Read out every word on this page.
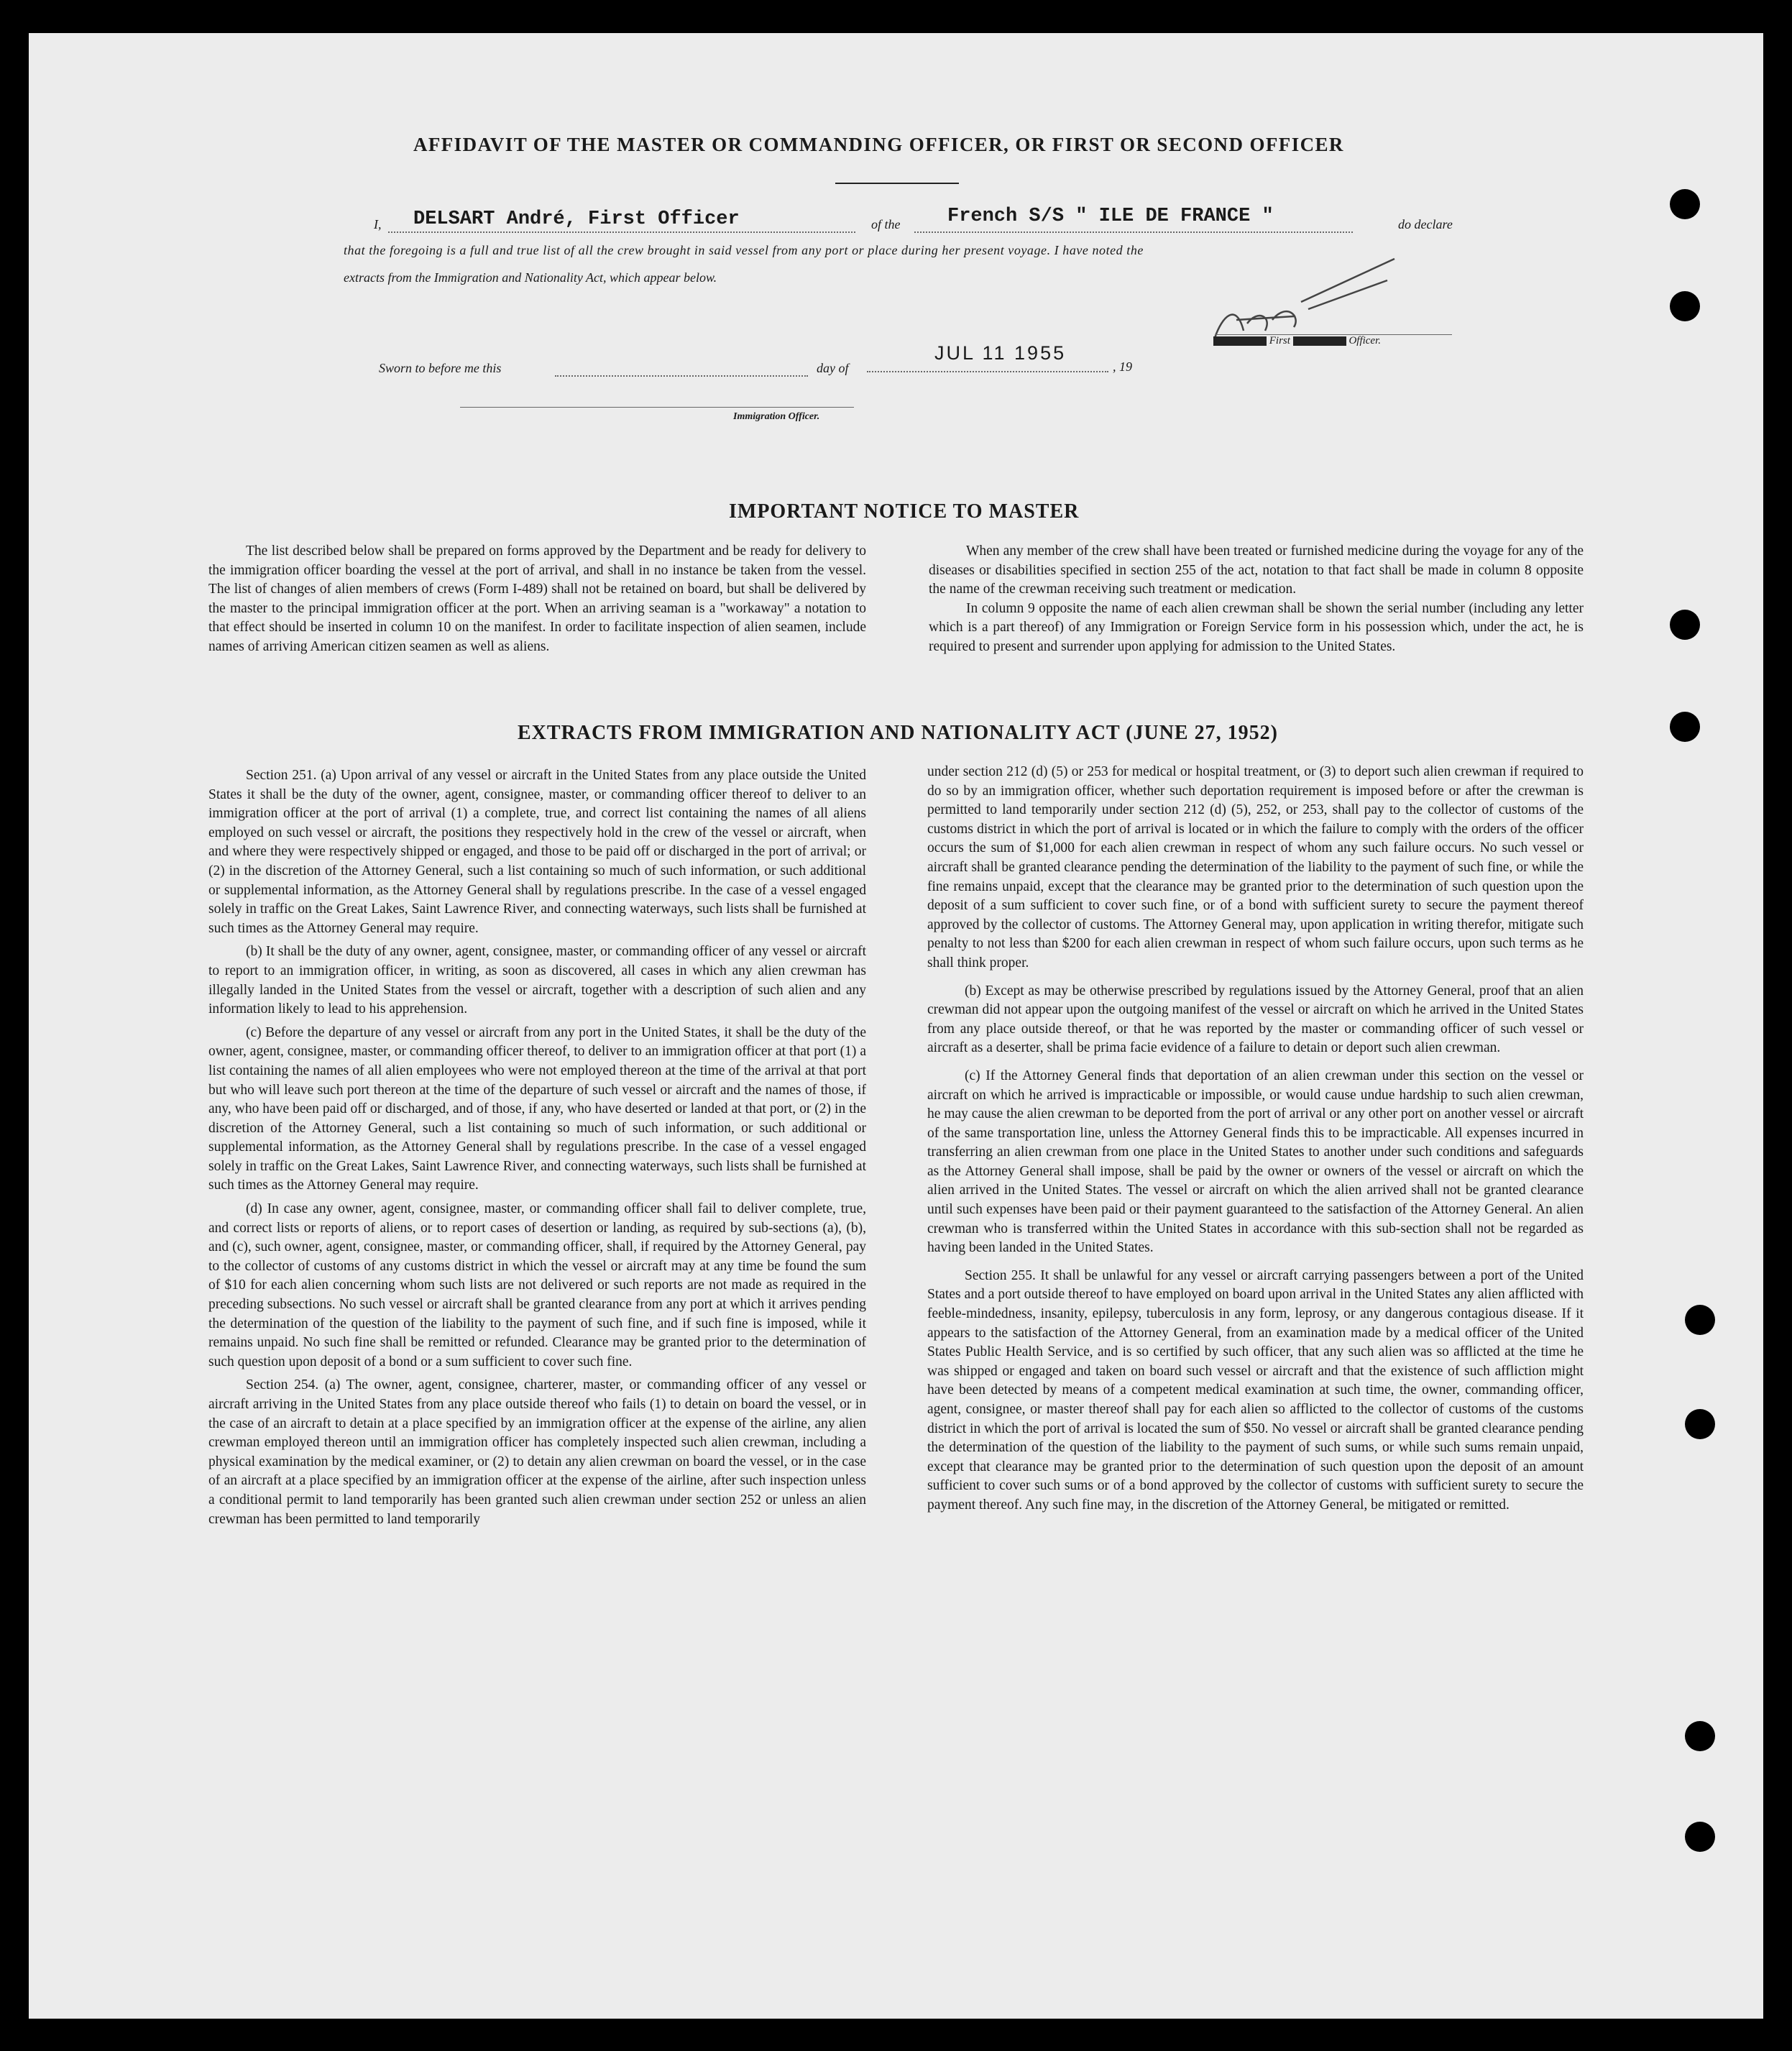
AFFIDAVIT OF THE MASTER OR COMMANDING OFFICER, OR FIRST OR SECOND OFFICER
I, DELSART André, First Officer	of the French S/S " ILE DE FRANCE "	do declare
that the foregoing is a full and true list of all the crew brought in said vessel from any port or place during her present voyage. I have noted the
extracts from the Immigration and Nationality Act, which appear below.
First	Officer.
Sworn to before me this	day of
JUL 11 1955
, 19
Immigration Officer.
IMPORTANT NOTICE TO MASTER

The list described below shall be prepared on forms approved by the Department and be ready for delivery to the immigration officer boarding the vessel at the port of arrival, and shall in no instance be taken from the vessel. The list of changes of alien members of crews (Form I-489) shall not be retained on board, but shall be delivered by the master to the principal immigration officer at the port. When an arriving seaman is a "workaway" a notation to that effect should be inserted in column 10 on the manifest. In order to facilitate inspection of alien seamen, include names of arriving American citizen seamen as well as aliens.

When any member of the crew shall have been treated or furnished medicine during the voyage for any of the diseases or disabilities specified in section 255 of the act, notation to that fact shall be made in column 8 opposite the name of the crewman receiving such treatment or medication.

In column 9 opposite the name of each alien crewman shall be shown the serial number (including any letter which is a part thereof) of any Immigration or Foreign Service form in his possession which, under the act, he is required to present and surrender upon applying for admission to the United States.

EXTRACTS FROM IMMIGRATION AND NATIONALITY ACT (JUNE 27, 1952)

Section 251. (a) Upon arrival of any vessel or aircraft in the United States from any place outside the United States it shall be the duty of the owner, agent, consignee, master, or commanding officer thereof to deliver to an immigration officer at the port of arrival (1) a complete, true, and correct list containing the names of all aliens employed on such vessel or aircraft, the positions they respectively hold in the crew of the vessel or aircraft, when and where they were respectively shipped or engaged, and those to be paid off or discharged in the port of arrival; or (2) in the discretion of the Attorney General, such a list containing so much of such information, or such additional or supplemental information, as the Attorney General shall by regulations prescribe. In the case of a vessel engaged solely in traffic on the Great Lakes, Saint Lawrence River, and connecting waterways, such lists shall be furnished at such times as the Attorney General may require.

(b) It shall be the duty of any owner, agent, consignee, master, or commanding officer of any vessel or aircraft to report to an immigration officer, in writing, as soon as discovered, all cases in which any alien crewman has illegally landed in the United States from the vessel or aircraft, together with a description of such alien and any information likely to lead to his apprehension.

(c) Before the departure of any vessel or aircraft from any port in the United States, it shall be the duty of the owner, agent, consignee, master, or commanding officer thereof, to deliver to an immigration officer at that port (1) a list containing the names of all alien employees who were not employed thereon at the time of the arrival at that port but who will leave such port thereon at the time of the departure of such vessel or aircraft and the names of those, if any, who have been paid off or discharged, and of those, if any, who have deserted or landed at that port, or (2) in the discretion of the Attorney General, such a list containing so much of such information, or such additional or supplemental information, as the Attorney General shall by regulations prescribe. In the case of a vessel engaged solely in traffic on the Great Lakes, Saint Lawrence River, and connecting waterways, such lists shall be furnished at such times as the Attorney General may require.

(d) In case any owner, agent, consignee, master, or commanding officer shall fail to deliver complete, true, and correct lists or reports of aliens, or to report cases of desertion or landing, as required by sub-sections (a), (b), and (c), such owner, agent, consignee, master, or commanding officer, shall, if required by the Attorney General, pay to the collector of customs of any customs district in which the vessel or aircraft may at any time be found the sum of $10 for each alien concerning whom such lists are not delivered or such reports are not made as required in the preceding subsections. No such vessel or aircraft shall be granted clearance from any port at which it arrives pending the determination of the question of the liability to the payment of such fine, and if such fine is imposed, while it remains unpaid. No such fine shall be remitted or refunded. Clearance may be granted prior to the determination of such question upon deposit of a bond or a sum sufficient to cover such fine.

Section 254. (a) The owner, agent, consignee, charterer, master, or commanding officer of any vessel or aircraft arriving in the United States from any place outside thereof who fails (1) to detain on board the vessel, or in the case of an aircraft to detain at a place specified by an immigration officer at the expense of the airline, any alien crewman employed thereon until an immigration officer has completely inspected such alien crewman, including a physical examination by the medical examiner, or (2) to detain any alien crewman on board the vessel, or in the case of an aircraft at a place specified by an immigration officer at the expense of the airline, after such inspection unless a conditional permit to land temporarily has been granted such alien crewman under section 252 or unless an alien crewman has been permitted to land temporarily

under section 212 (d) (5) or 253 for medical or hospital treatment, or (3) to deport such alien crewman if required to do so by an immigration officer, whether such deportation requirement is imposed before or after the crewman is permitted to land temporarily under section 212 (d) (5), 252, or 253, shall pay to the collector of customs of the customs district in which the port of arrival is located or in which the failure to comply with the orders of the officer occurs the sum of $1,000 for each alien crewman in respect of whom any such failure occurs. No such vessel or aircraft shall be granted clearance pending the determination of the liability to the payment of such fine, or while the fine remains unpaid, except that the clearance may be granted prior to the determination of such question upon the deposit of a sum sufficient to cover such fine, or of a bond with sufficient surety to secure the payment thereof approved by the collector of customs. The Attorney General may, upon application in writing therefor, mitigate such penalty to not less than $200 for each alien crewman in respect of whom such failure occurs, upon such terms as he shall think proper.

(b) Except as may be otherwise prescribed by regulations issued by the Attorney General, proof that an alien crewman did not appear upon the outgoing manifest of the vessel or aircraft on which he arrived in the United States from any place outside thereof, or that he was reported by the master or commanding officer of such vessel or aircraft as a deserter, shall be prima facie evidence of a failure to detain or deport such alien crewman.

(c) If the Attorney General finds that deportation of an alien crewman under this section on the vessel or aircraft on which he arrived is impracticable or impossible, or would cause undue hardship to such alien crewman, he may cause the alien crewman to be deported from the port of arrival or any other port on another vessel or aircraft of the same transportation line, unless the Attorney General finds this to be impracticable. All expenses incurred in transferring an alien crewman from one place in the United States to another under such conditions and safeguards as the Attorney General shall impose, shall be paid by the owner or owners of the vessel or aircraft on which the alien arrived in the United States. The vessel or aircraft on which the alien arrived shall not be granted clearance until such expenses have been paid or their payment guaranteed to the satisfaction of the Attorney General. An alien crewman who is transferred within the United States in accordance with this sub-section shall not be regarded as having been landed in the United States.

Section 255. It shall be unlawful for any vessel or aircraft carrying passengers between a port of the United States and a port outside thereof to have employed on board upon arrival in the United States any alien afflicted with feeble-mindedness, insanity, epilepsy, tuberculosis in any form, leprosy, or any dangerous contagious disease. If it appears to the satisfaction of the Attorney General, from an examination made by a medical officer of the United States Public Health Service, and is so certified by such officer, that any such alien was so afflicted at the time he was shipped or engaged and taken on board such vessel or aircraft and that the existence of such affliction might have been detected by means of a competent medical examination at such time, the owner, commanding officer, agent, consignee, or master thereof shall pay for each alien so afflicted to the collector of customs of the customs district in which the port of arrival is located the sum of $50. No vessel or aircraft shall be granted clearance pending the determination of the question of the liability to the payment of such sums, or while such sums remain unpaid, except that clearance may be granted prior to the determination of such question upon the deposit of an amount sufficient to cover such sums or of a bond approved by the collector of customs with sufficient surety to secure the payment thereof. Any such fine may, in the discretion of the Attorney General, be mitigated or remitted.
